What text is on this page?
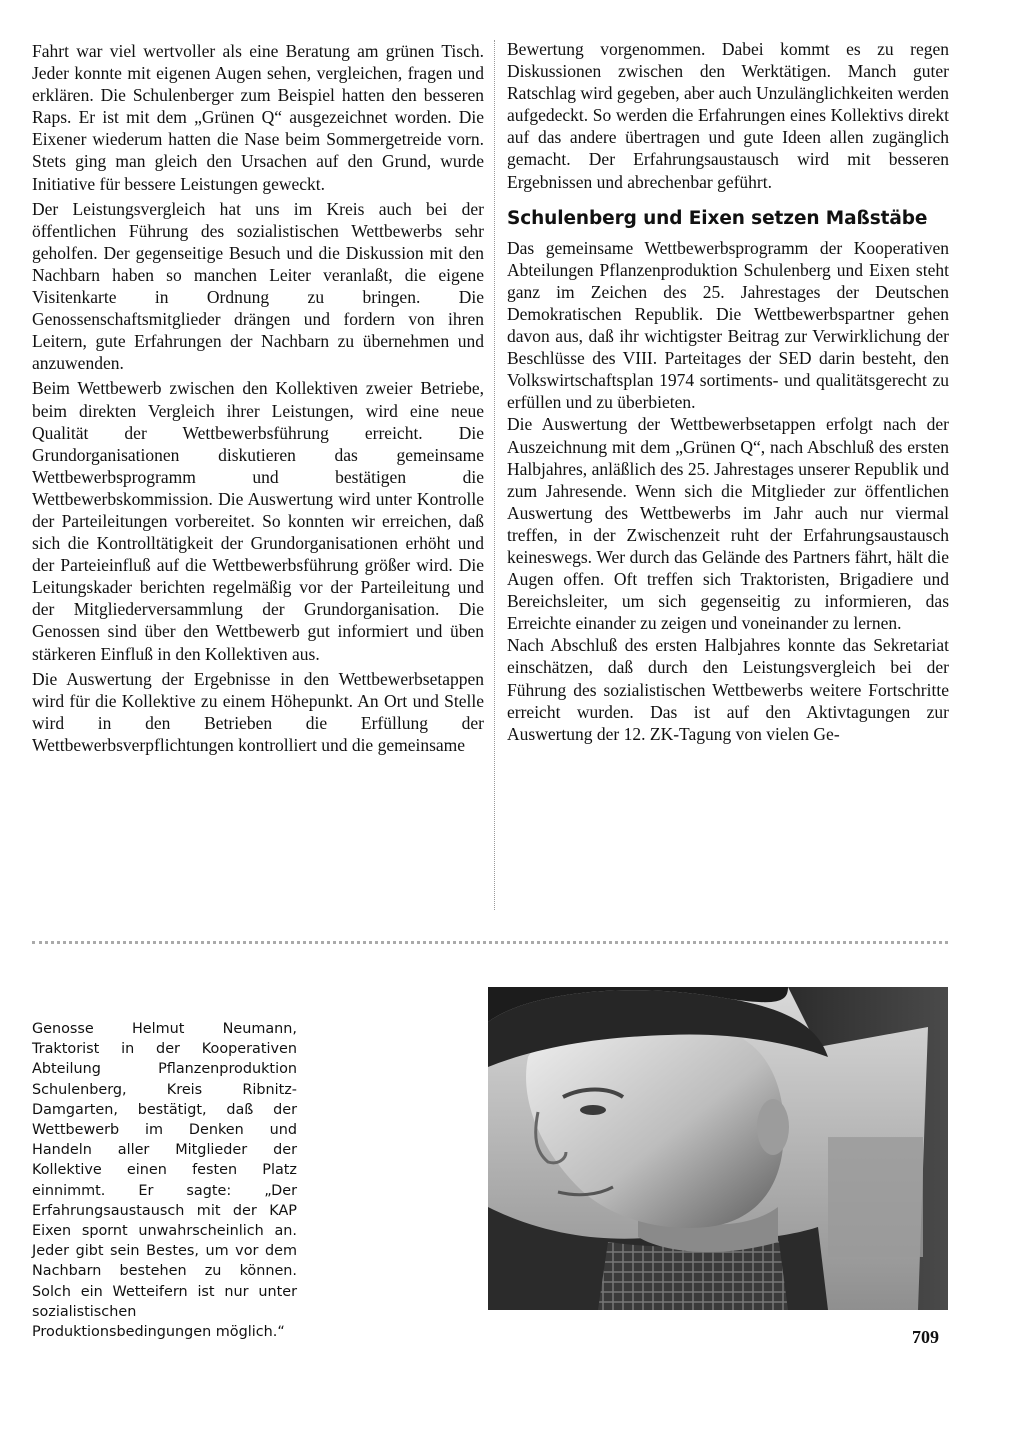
Fahrt war viel wertvoller als eine Beratung am grünen Tisch. Jeder konnte mit eigenen Augen sehen, vergleichen, fragen und erklären. Die Schulenberger zum Beispiel hatten den besseren Raps. Er ist mit dem „Grünen Q“ ausgezeichnet worden. Die Eixener wiederum hatten die Nase beim Sommergetreide vorn. Stets ging man gleich den Ursachen auf den Grund, wurde Initiative für bessere Leistungen geweckt.

Der Leistungsvergleich hat uns im Kreis auch bei der öffentlichen Führung des sozialistischen Wettbewerbs sehr geholfen. Der gegenseitige Besuch und die Diskussion mit den Nachbarn haben so manchen Leiter veranlaßt, die eigene Visitenkarte in Ordnung zu bringen. Die Genossenschaftsmitglieder drängen und fordern von ihren Leitern, gute Erfahrungen der Nachbarn zu übernehmen und anzuwenden.

Beim Wettbewerb zwischen den Kollektiven zweier Betriebe, beim direkten Vergleich ihrer Leistungen, wird eine neue Qualität der Wettbewerbsführung erreicht. Die Grundorganisationen diskutieren das gemeinsame Wettbewerbsprogramm und bestätigen die Wettbewerbskommission. Die Auswertung wird unter Kontrolle der Parteileitungen vorbereitet. So konnten wir erreichen, daß sich die Kontrolltätigkeit der Grundorganisationen erhöht und der Parteieinfluß auf die Wettbewerbsführung größer wird. Die Leitungskader berichten regelmäßig vor der Parteileitung und der Mitgliederversammlung der Grundorganisation. Die Genossen sind über den Wettbewerb gut informiert und üben stärkeren Einfluß in den Kollektiven aus.

Die Auswertung der Ergebnisse in den Wettbewerbsetappen wird für die Kollektive zu einem Höhepunkt. An Ort und Stelle wird in den Betrieben die Erfüllung der Wettbewerbsverpflichtungen kontrolliert und die gemeinsame

Bewertung vorgenommen. Dabei kommt es zu regen Diskussionen zwischen den Werktätigen. Manch guter Ratschlag wird gegeben, aber auch Unzulänglichkeiten werden aufgedeckt. So werden die Erfahrungen eines Kollektivs direkt auf das andere übertragen und gute Ideen allen zugänglich gemacht. Der Erfahrungsaustausch wird mit besseren Ergebnissen und abrechenbar geführt.

Schulenberg und Eixen setzen Maßstäbe

Das gemeinsame Wettbewerbsprogramm der Kooperativen Abteilungen Pflanzenproduktion Schulenberg und Eixen steht ganz im Zeichen des 25. Jahrestages der Deutschen Demokratischen Republik. Die Wettbewerbspartner gehen davon aus, daß ihr wichtigster Beitrag zur Verwirklichung der Beschlüsse des VIII. Parteitages der SED darin besteht, den Volkswirtschaftsplan 1974 sortiments- und qualitätsgerecht zu erfüllen und zu überbieten.

Die Auswertung der Wettbewerbsetappen erfolgt nach der Auszeichnung mit dem „Grünen Q“, nach Abschluß des ersten Halbjahres, anläßlich des 25. Jahrestages unserer Republik und zum Jahresende. Wenn sich die Mitglieder zur öffentlichen Auswertung des Wettbewerbs im Jahr auch nur viermal treffen, in der Zwischenzeit ruht der Erfahrungsaustausch keineswegs. Wer durch das Gelände des Partners fährt, hält die Augen offen. Oft treffen sich Traktoristen, Brigadiere und Bereichsleiter, um sich gegenseitig zu informieren, das Erreichte einander zu zeigen und voneinander zu lernen.

Nach Abschluß des ersten Halbjahres konnte das Sekretariat einschätzen, daß durch den Leistungsvergleich bei der Führung des sozialistischen Wettbewerbs weitere Fortschritte erreicht wurden. Das ist auf den Aktivtagungen zur Auswertung der 12. ZK-Tagung von vielen Ge-

Genosse Helmut Neumann, Traktorist in der Kooperativen Abteilung Pflanzenproduktion Schulenberg, Kreis Ribnitz-Damgarten, bestätigt, daß der Wettbewerb im Denken und Handeln aller Mitglieder der Kollektive einen festen Platz einnimmt. Er sagte: „Der Erfahrungsaustausch mit der KAP Eixen spornt unwahrscheinlich an. Jeder gibt sein Bestes, um vor dem Nachbarn bestehen zu können. Solch ein Wetteifern ist nur unter sozialistischen Produktionsbedingungen möglich.“	709
